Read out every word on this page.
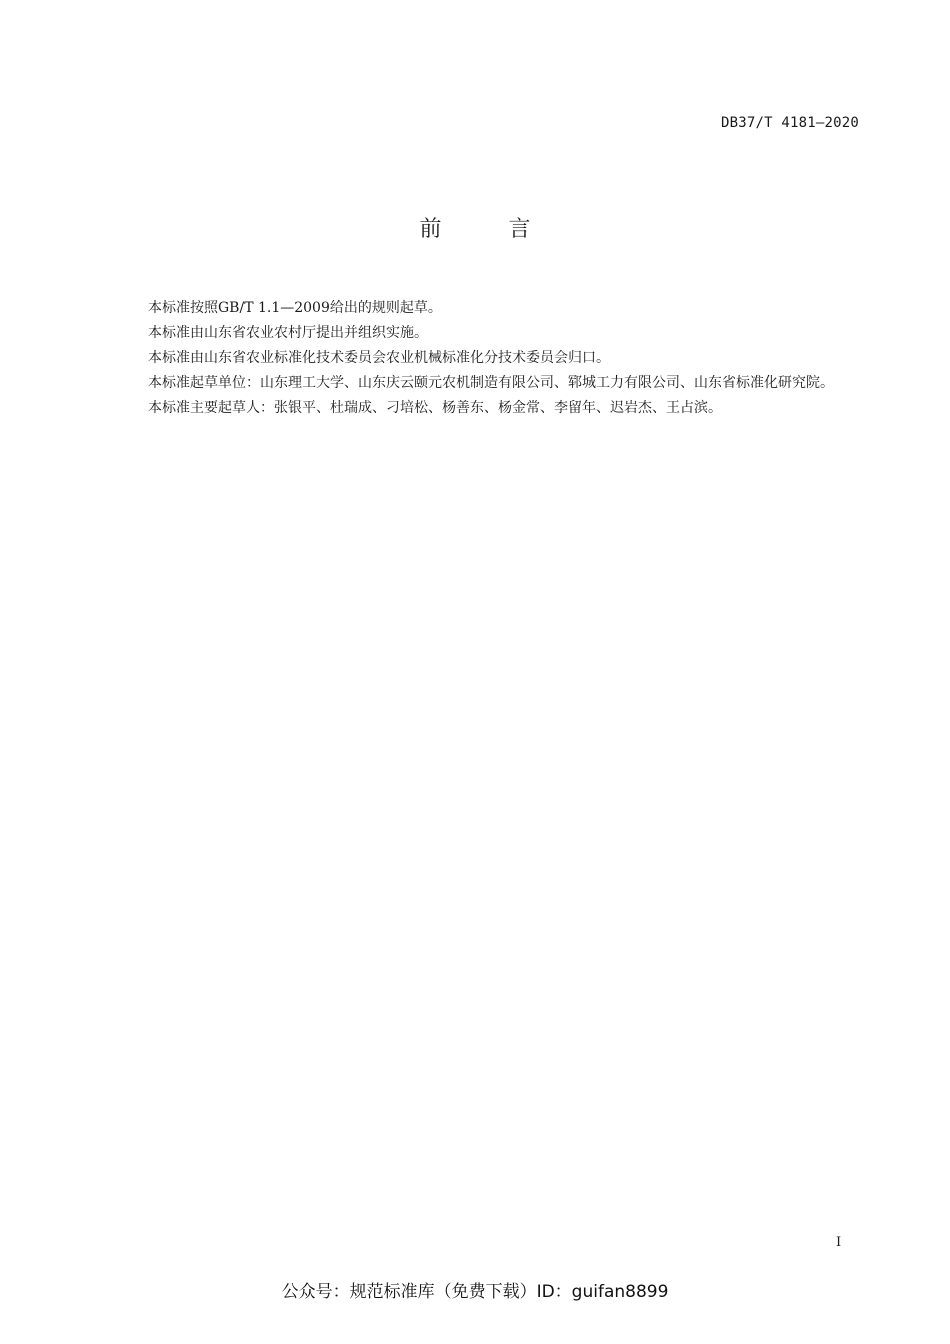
DB37/T 4181—2020
前 言

本标准按照GB/T 1.1—2009给出的规则起草。

本标准由山东省农业农村厅提出并组织实施。

本标准由山东省农业标准化技术委员会农业机械标准化分技术委员会归口。

本标准起草单位：山东理工大学、山东庆云颐元农机制造有限公司、郓城工力有限公司、山东省标准化研究院。

本标准主要起草人：张银平、杜瑞成、刁培松、杨善东、杨金常、李留年、迟岩杰、王占滨。

I
公众号：规范标准库（免费下载）ID：guifan8899
